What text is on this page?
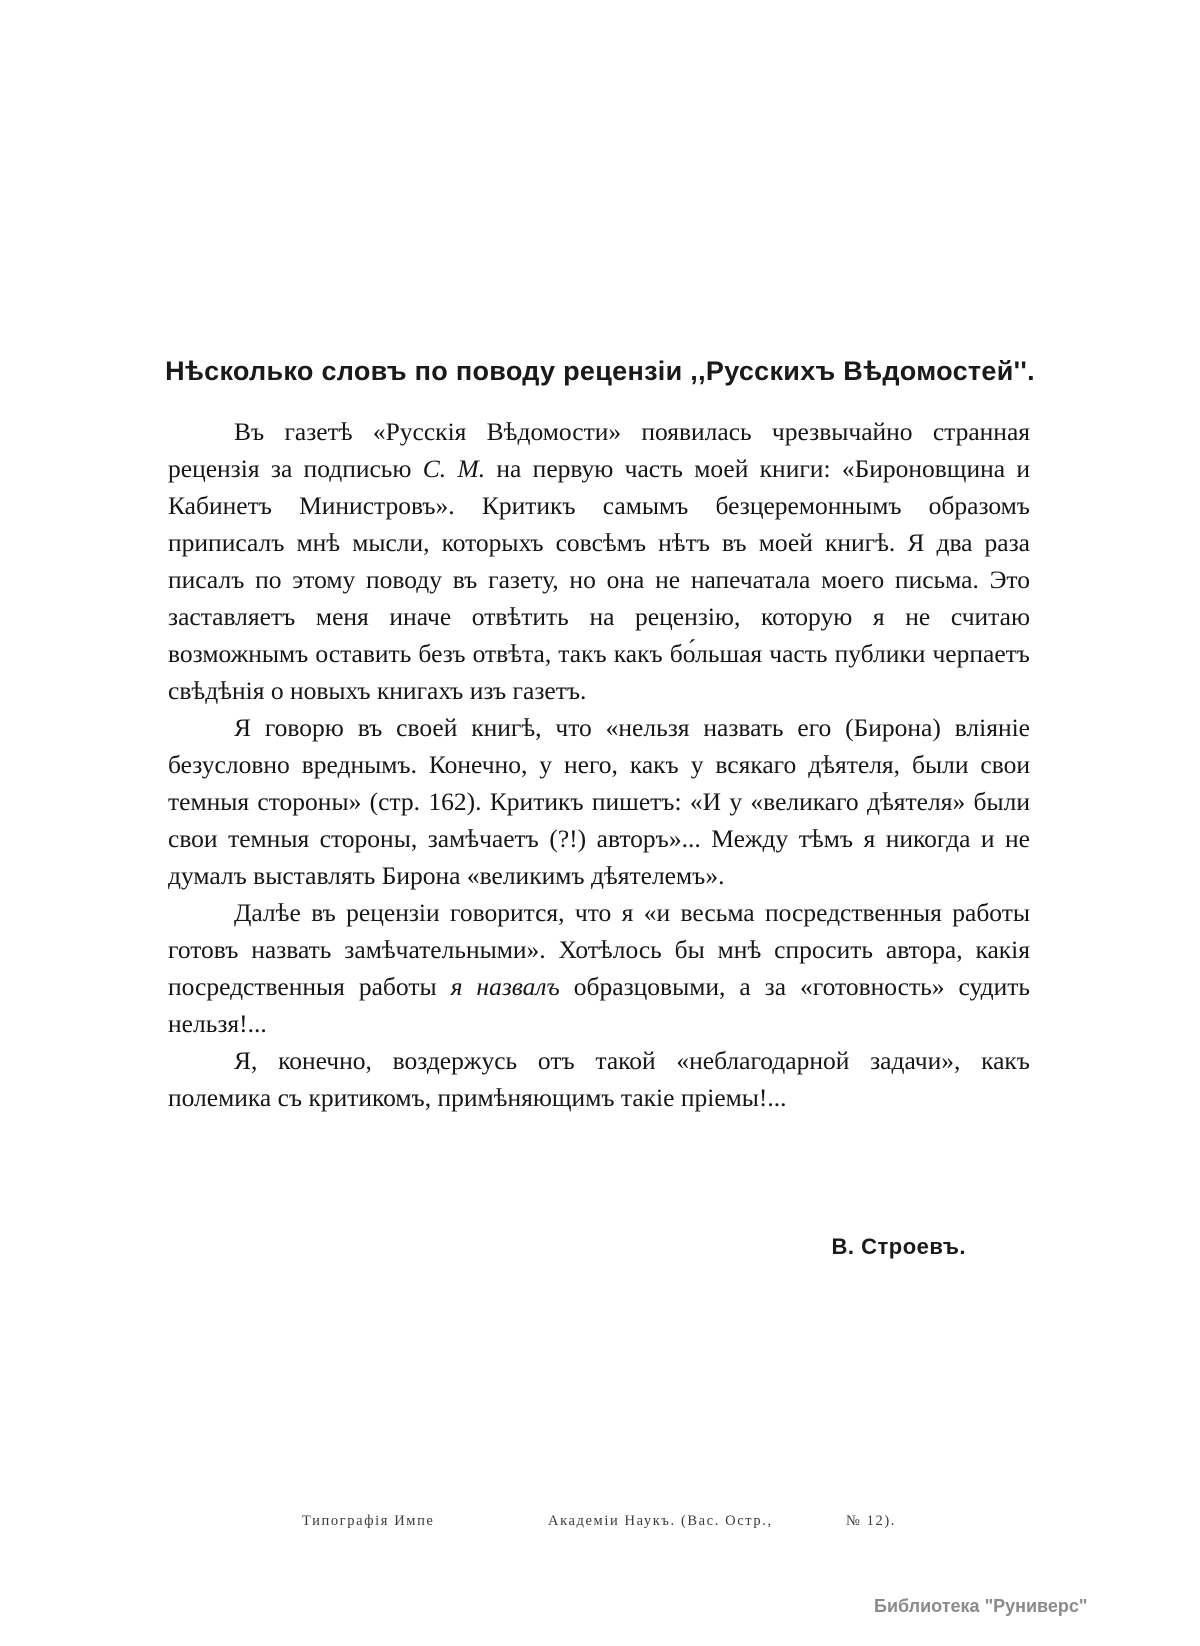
Нѣсколько словъ по поводу рецензіи ,,Русскихъ Вѣдомостей''.

Въ газетѣ «Русскія Вѣдомости» появилась чрезвычайно странная рецензія за подписью С. М. на первую часть моей книги: «Бироновщина и Кабинетъ Министровъ». Критикъ самымъ безцеремоннымъ образомъ приписалъ мнѣ мысли, которыхъ совсѣмъ нѣтъ въ моей книгѣ. Я два раза писалъ по этому поводу въ газету, но она не напечатала моего письма. Это заставляетъ меня иначе отвѣтить на рецензію, которую я не считаю возможнымъ оставить безъ отвѣта, такъ какъ бо́льшая часть публики черпаетъ свѣдѣнія о новыхъ книгахъ изъ газетъ.

Я говорю въ своей книгѣ, что «нельзя назвать его (Бирона) вліяніе безусловно вреднымъ. Конечно, у него, какъ у всякаго дѣятеля, были свои темныя стороны» (стр. 162). Критикъ пишетъ: «И у «великаго дѣятеля» были свои темныя стороны, замѣчаетъ (?!) авторъ»... Между тѣмъ я никогда и не думалъ выставлять Бирона «великимъ дѣятелемъ».

Далѣе въ рецензіи говорится, что я «и весьма посредственныя работы готовъ назвать замѣчательными». Хотѣлось бы мнѣ спросить автора, какія посредственныя работы я назвалъ образцовыми, а за «готовность» судить нельзя!...

Я, конечно, воздержусь отъ такой «неблагодарной задачи», какъ полемика съ критикомъ, примѣняющимъ такіе пріемы!...

В. Строевъ.

Типографія Импе	Академіи Наукъ. (Вас. Остр.,	№ 12).

Библиотека "Руниверс"
